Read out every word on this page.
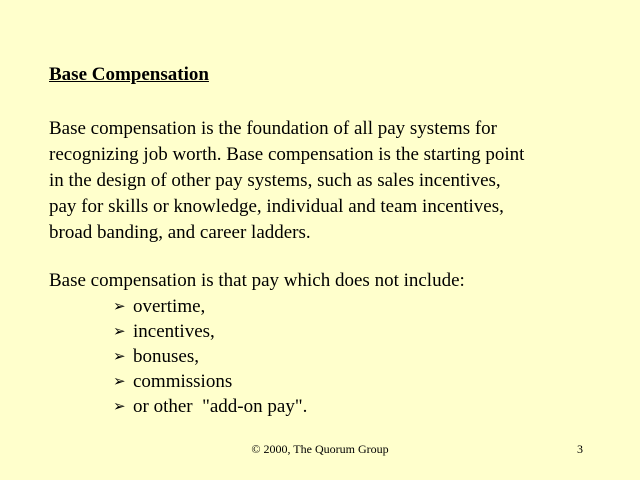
Base Compensation
Base compensation is the foundation of all pay systems for
recognizing job worth. Base compensation is the starting point
in the design of other pay systems, such as sales incentives,
pay for skills or knowledge, individual and team incentives,
broad banding, and career ladders.
Base compensation is that pay which does not include:
➢ overtime,
➢ incentives,
➢ bonuses,
➢ commissions
➢ or other  "add-on pay".
© 2000, The Quorum Group	3
